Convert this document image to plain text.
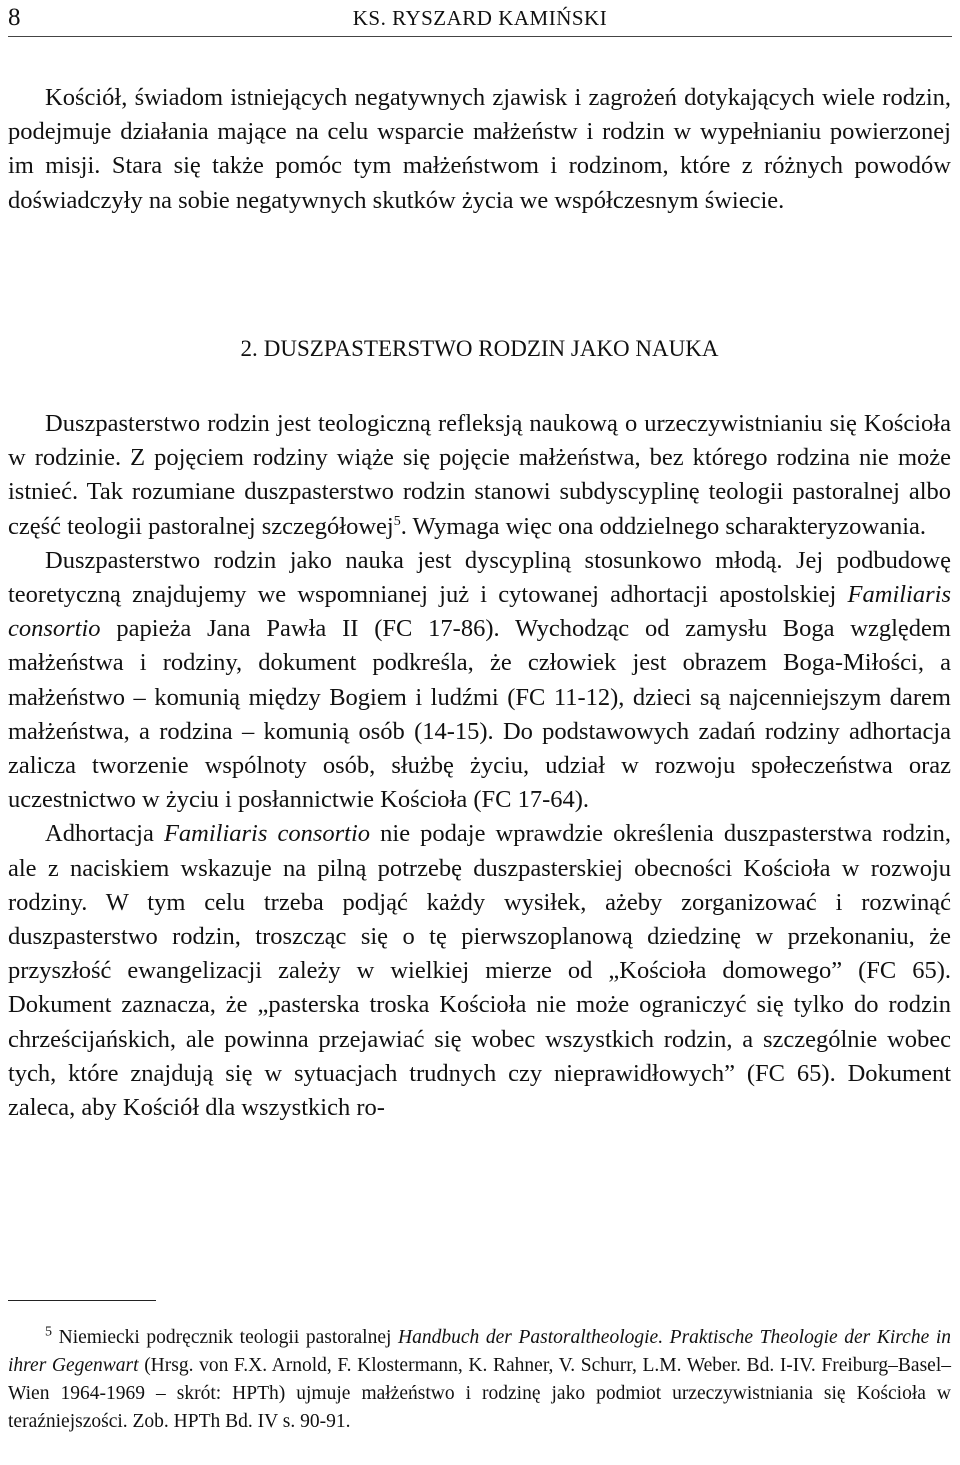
8	KS. RYSZARD KAMIŃSKI

Kościół, świadom istniejących negatywnych zjawisk i zagrożeń dotykających wiele rodzin, podejmuje działania mające na celu wsparcie małżeństw i rodzin w wypełnianiu powierzonej im misji. Stara się także pomóc tym małżeństwom i rodzinom, które z różnych powodów doświadczyły na sobie negatywnych skutków życia we współczesnym świecie.

2. DUSZPASTERSTWO RODZIN JAKO NAUKA

Duszpasterstwo rodzin jest teologiczną refleksją naukową o urzeczywistnianiu się Kościoła w rodzinie. Z pojęciem rodziny wiąże się pojęcie małżeństwa, bez którego rodzina nie może istnieć. Tak rozumiane duszpasterstwo rodzin stanowi subdyscyplinę teologii pastoralnej albo część teologii pastoralnej szczegółowej$^5$. Wymaga więc ona oddzielnego scharakteryzowania.

Duszpasterstwo rodzin jako nauka jest dyscypliną stosunkowo młodą. Jej podbudowę teoretyczną znajdujemy we wspomnianej już i cytowanej adhortacji apostolskiej Familiaris consortio papieża Jana Pawła II (FC 17-86). Wychodząc od zamysłu Boga względem małżeństwa i rodziny, dokument podkreśla, że człowiek jest obrazem Boga-Miłości, a małżeństwo – komunią między Bogiem i ludźmi (FC 11-12), dzieci są najcenniejszym darem małżeństwa, a rodzina – komunią osób (14-15). Do podstawowych zadań rodziny adhortacja zalicza tworzenie wspólnoty osób, służbę życiu, udział w rozwoju społeczeństwa oraz uczestnictwo w życiu i posłannictwie Kościoła (FC 17-64).

Adhortacja Familiaris consortio nie podaje wprawdzie określenia duszpasterstwa rodzin, ale z naciskiem wskazuje na pilną potrzebę duszpasterskiej obecności Kościoła w rozwoju rodziny. W tym celu trzeba podjąć każdy wysiłek, ażeby zorganizować i rozwinąć duszpasterstwo rodzin, troszcząc się o tę pierwszoplanową dziedzinę w przekonaniu, że przyszłość ewangelizacji zależy w wielkiej mierze od „Kościoła domowego” (FC 65). Dokument zaznacza, że „pasterska troska Kościoła nie może ograniczyć się tylko do rodzin chrześcijańskich, ale powinna przejawiać się wobec wszystkich rodzin, a szczególnie wobec tych, które znajdują się w sytuacjach trudnych czy nieprawidłowych” (FC 65). Dokument zaleca, aby Kościół dla wszystkich ro-

$^5$ Niemiecki podręcznik teologii pastoralnej Handbuch der Pastoraltheologie. Praktische Theologie der Kirche in ihrer Gegenwart (Hrsg. von F.X. Arnold, F. Klostermann, K. Rahner, V. Schurr, L.M. Weber. Bd. I-IV. Freiburg–Basel–Wien 1964-1969 – skrót: HPTh) ujmuje małżeństwo i rodzinę jako podmiot urzeczywistniania się Kościoła w teraźniejszości. Zob. HPTh Bd. IV s. 90-91.
